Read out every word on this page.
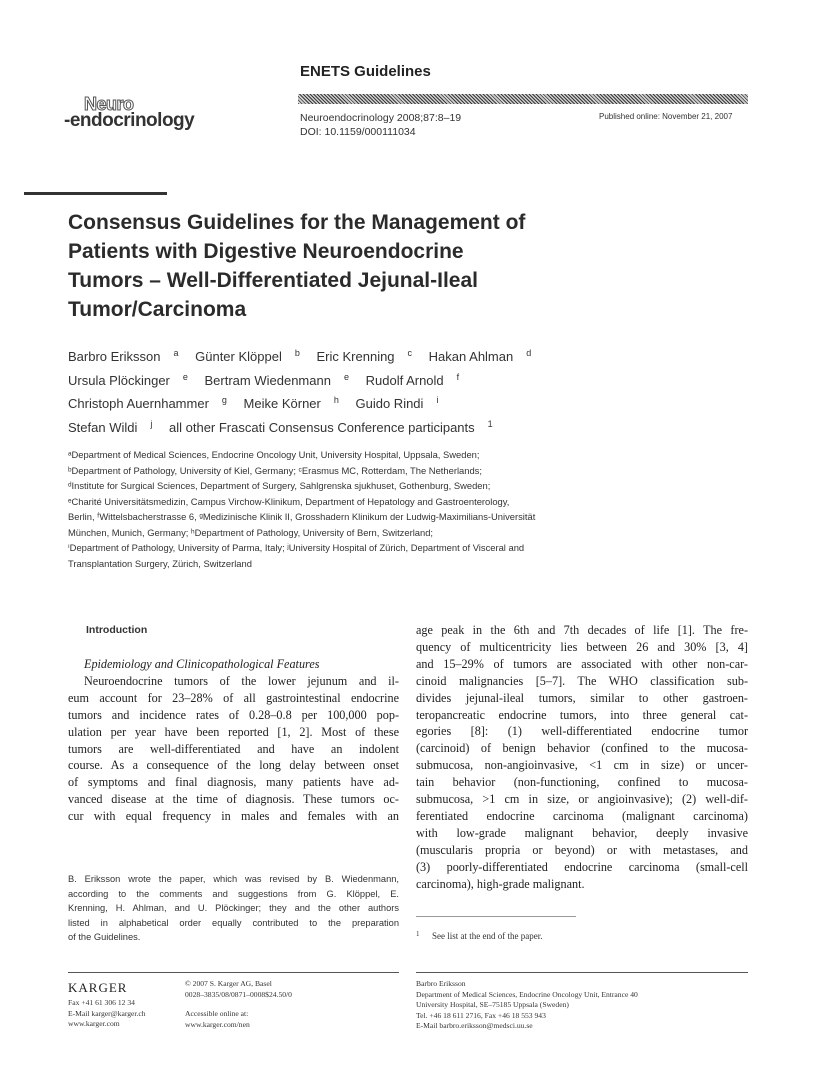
ENETS Guidelines
Neuro
-endocrinology	Neuroendocrinology 2008;87:8–19
DOI: 10.1159/000111034
Published online: November 21, 2007
Consensus Guidelines for the Management of
Patients with Digestive Neuroendocrine
Tumors – Well-Differentiated Jejunal-Ileal
Tumor/Carcinoma
Barbro Eriksson $^a$ Günter Klöppel $^b$ Eric Krenning $^c$ Hakan Ahlman $^d$
Ursula Plöckinger $^e$ Bertram Wiedenmann $^e$ Rudolf Arnold $^f$
Christoph Auernhammer $^g$ Meike Körner $^h$ Guido Rindi $^i$
Stefan Wildi $^j$ all other Frascati Consensus Conference participants $^1$
ᵃDepartment of Medical Sciences, Endocrine Oncology Unit, University Hospital, Uppsala, Sweden;
ᵇDepartment of Pathology, University of Kiel, Germany; ᶜErasmus MC, Rotterdam, The Netherlands;
ᵈInstitute for Surgical Sciences, Department of Surgery, Sahlgrenska sjukhuset, Gothenburg, Sweden;
ᵉCharité Universitätsmedizin, Campus Virchow-Klinikum, Department of Hepatology and Gastroenterology,
Berlin, ᶠWittelsbacherstrasse 6, ᵍMedizinische Klinik II, Grosshadern Klinikum der Ludwig-Maximilians-Universität
München, Munich, Germany; ʰDepartment of Pathology, University of Bern, Switzerland;
ⁱDepartment of Pathology, University of Parma, Italy; ʲUniversity Hospital of Zürich, Department of Visceral and
Transplantation Surgery, Zürich, Switzerland
Introduction
Epidemiology and Clinicopathological Features
Neuroendocrine tumors of the lower jejunum and il-
eum account for 23–28% of all gastrointestinal endocrine
tumors and incidence rates of 0.28–0.8 per 100,000 pop-
ulation per year have been reported [1, 2]. Most of these
tumors are well-differentiated and have an indolent
course. As a consequence of the long delay between onset
of symptoms and final diagnosis, many patients have ad-
vanced disease at the time of diagnosis. These tumors oc-
cur with equal frequency in males and females with an
age peak in the 6th and 7th decades of life [1]. The fre-
quency of multicentricity lies between 26 and 30% [3, 4]
and 15–29% of tumors are associated with other non-car-
cinoid malignancies [5–7]. The WHO classification sub-
divides jejunal-ileal tumors, similar to other gastroen-
teropancreatic endocrine tumors, into three general cat-
egories [8]: (1) well-differentiated endocrine tumor
(carcinoid) of benign behavior (confined to the mucosa-
submucosa, non-angioinvasive, <1 cm in size) or uncer-
tain behavior (non-functioning, confined to mucosa-
submucosa, >1 cm in size, or angioinvasive); (2) well-dif-
ferentiated endocrine carcinoma (malignant carcinoma)
with low-grade malignant behavior, deeply invasive
(muscularis propria or beyond) or with metastases, and
(3) poorly-differentiated endocrine carcinoma (small-cell
carcinoma), high-grade malignant.
B. Eriksson wrote the paper, which was revised by B. Wiedenmann,
according to the comments and suggestions from G. Klöppel, E.
Krenning, H. Ahlman, and U. Plöckinger; they and the other authors
listed in alphabetical order equally contributed to the preparation
of the Guidelines.	1 See list at the end of the paper.
KARGER
Fax +41 61 306 12 34
E-Mail karger@karger.ch
www.karger.com
© 2007 S. Karger AG, Basel
0028–3835/08/0871–0008$24.50/0
Accessible online at:
www.karger.com/nen
Barbro Eriksson
Department of Medical Sciences, Endocrine Oncology Unit, Entrance 40
University Hospital, SE–75185 Uppsala (Sweden)
Tel. +46 18 611 2716, Fax +46 18 553 943
E-Mail barbro.eriksson@medsci.uu.se
